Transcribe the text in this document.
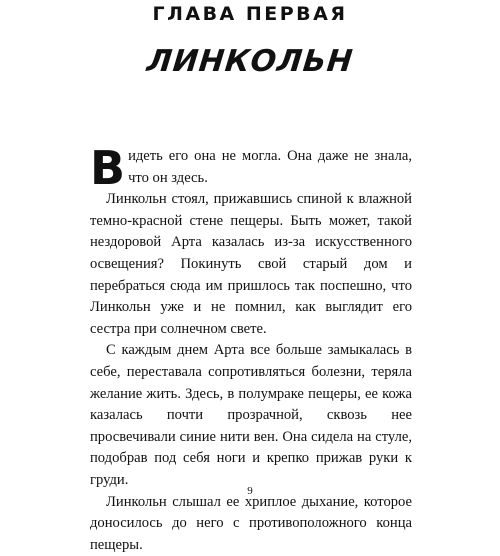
ГЛАВА ПЕРВАЯ
ЛИНКОЛЬН

Видеть его она не могла. Она даже не знала, что он здесь.

Линкольн стоял, прижавшись спиной к влажной темно-красной стене пещеры. Быть может, такой нездоровой Арта казалась из-за искусственного освещения? Покинуть свой старый дом и перебраться сюда им пришлось так поспешно, что Линкольн уже и не помнил, как выглядит его сестра при солнечном свете.

С каждым днем Арта все больше замыкалась в себе, переставала сопротивляться болезни, теряла желание жить. Здесь, в полумраке пещеры, ее кожа казалась почти прозрачной, сквозь нее просвечивали синие нити вен. Она сидела на стуле, подобрав под себя ноги и крепко прижав руки к груди.

Линкольн слышал ее хриплое дыхание, которое доносилось до него с противоположного конца пещеры.

9
